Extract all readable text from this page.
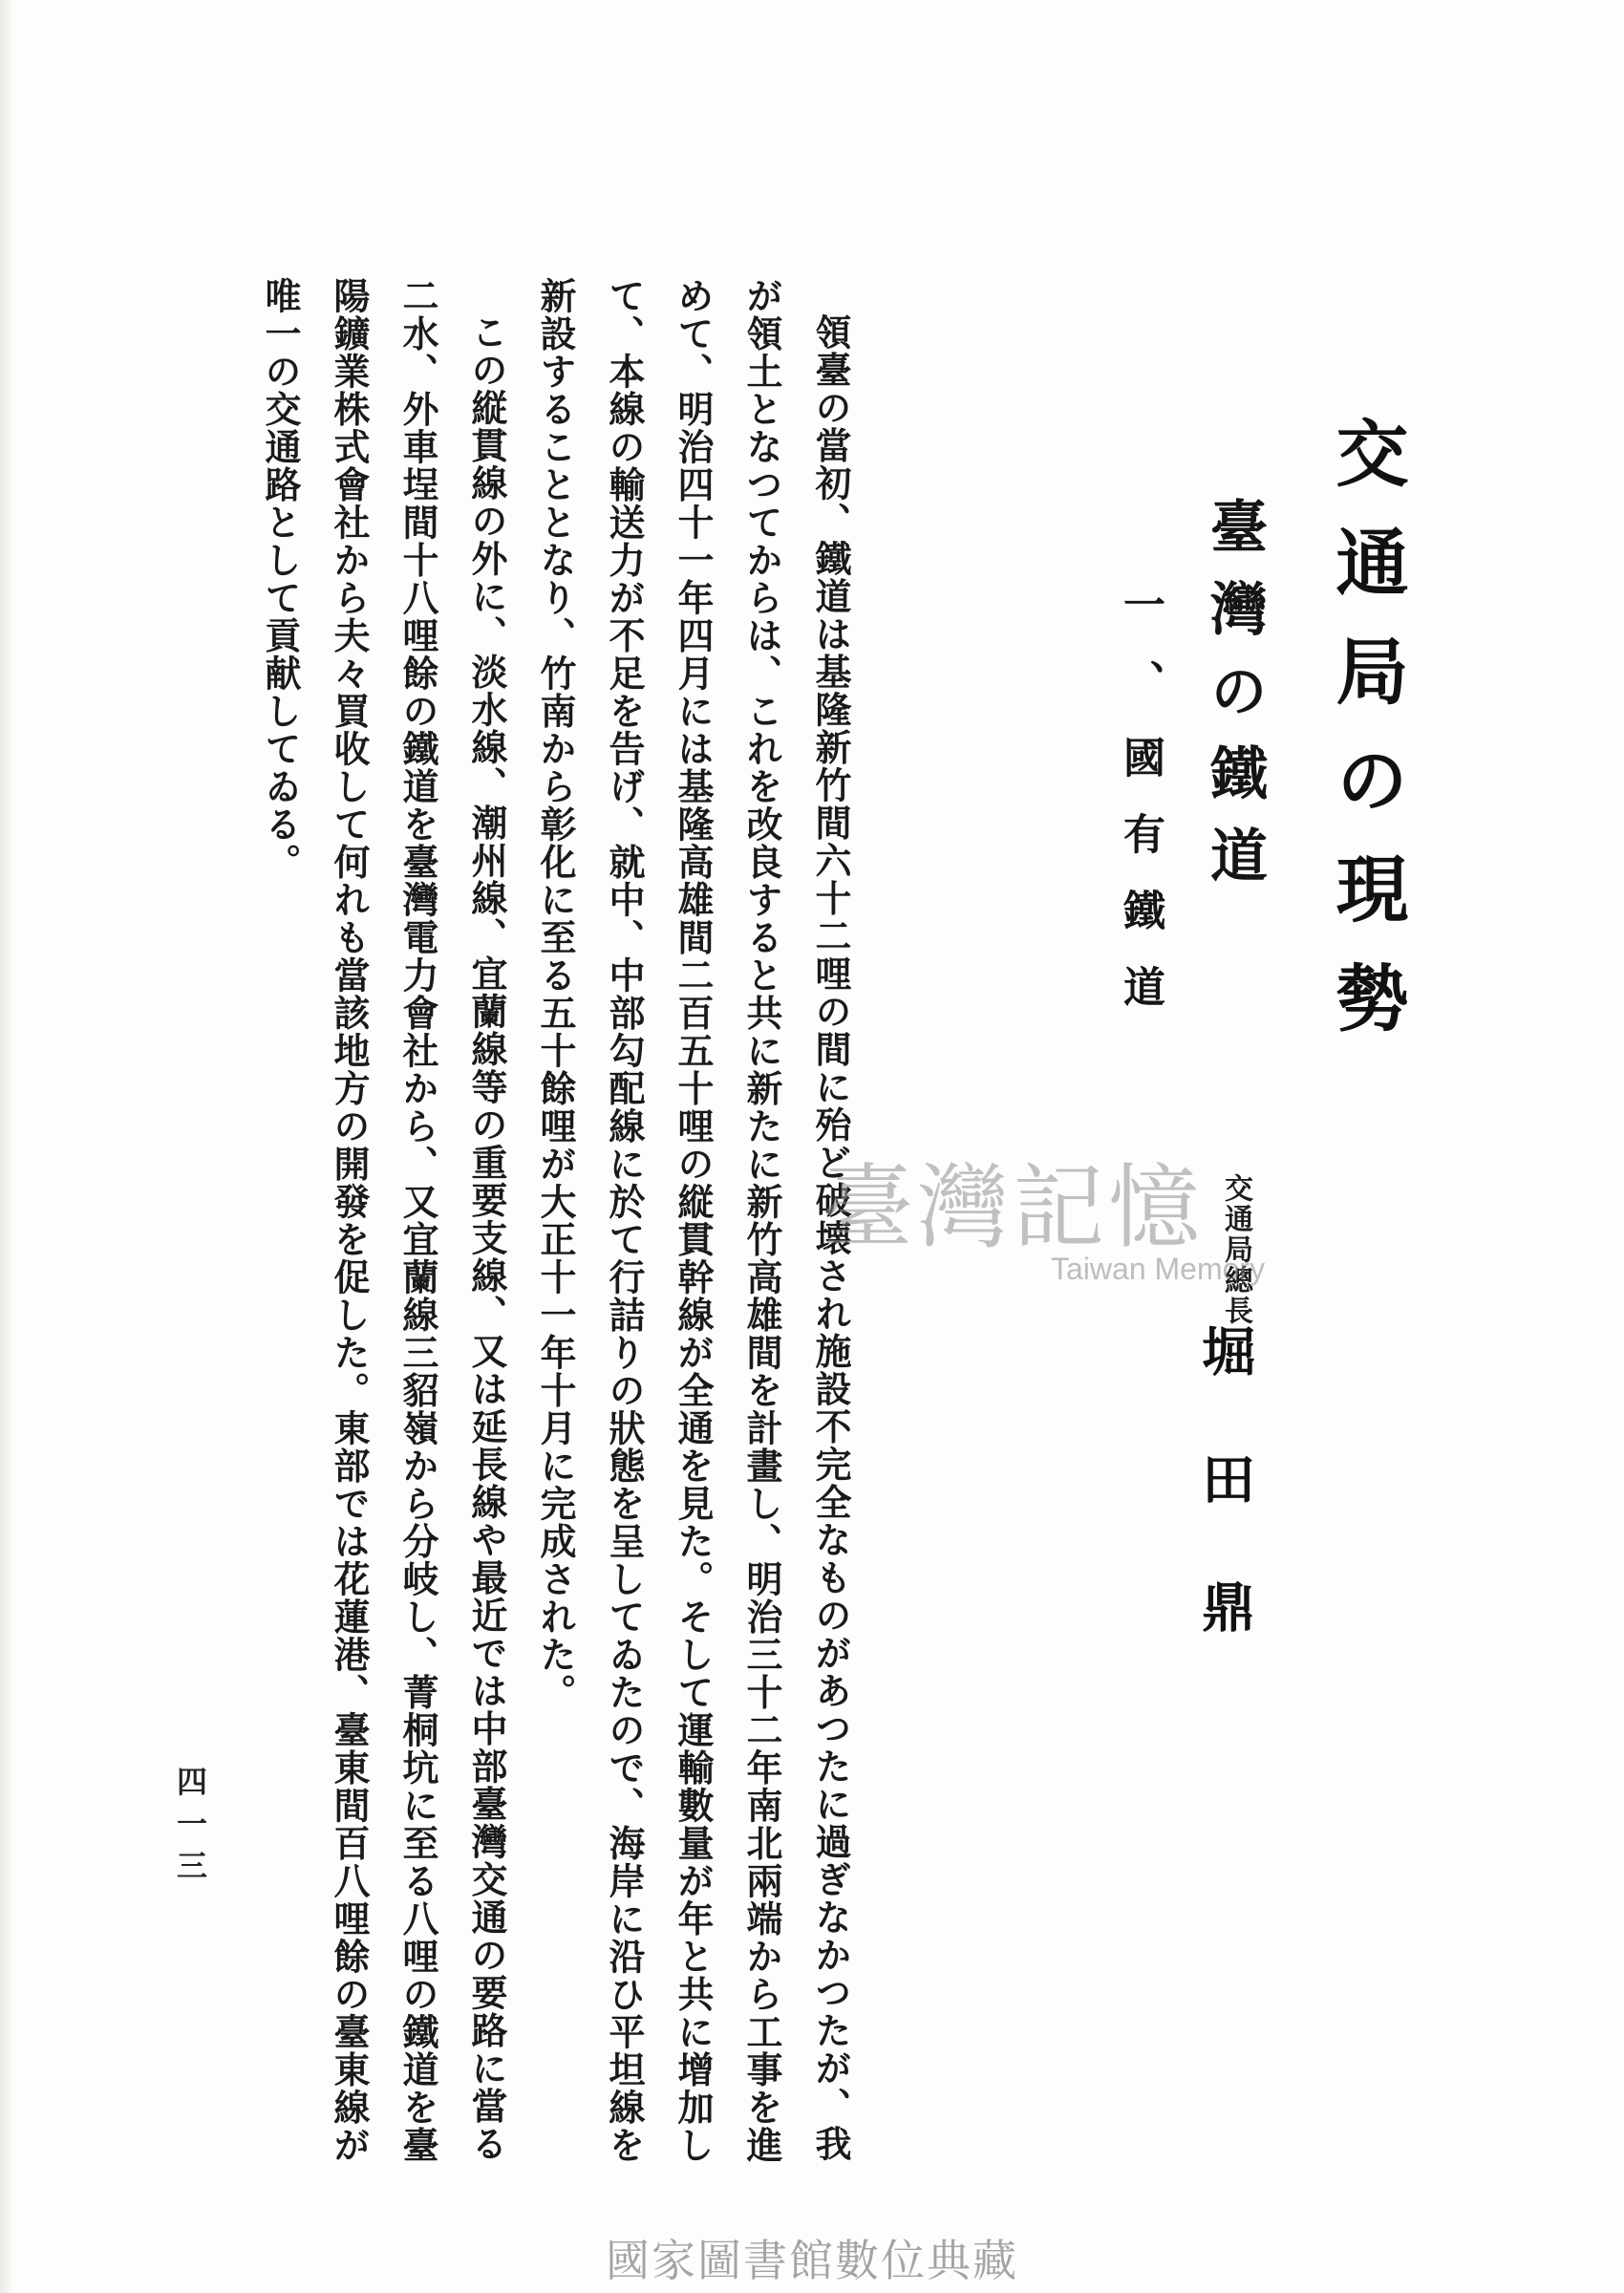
交通局の現勢
臺灣の鐵道
一、國有鐵道
交通局總長
堀田鼎
領臺の當初、鐵道は基隆新竹間六十二哩の間に殆ど破壊され施設不完全なものがあつたに過ぎなかつたが、我が領土となつてからは、これを改良すると共に新たに新竹高雄間を計畫し、明治三十二年南北兩端から工事を進めて、明治四十一年四月には基隆高雄間二百五十哩の縦貫幹線が全通を見た。そして運輸數量が年と共に增加して、本線の輸送力が不足を告げ、就中、中部勾配線に於て行詰りの狀態を呈してゐたので、海岸に沿ひ平坦線を新設することとなり、竹南から彰化に至る五十餘哩が大正十一年十月に完成された。
この縦貫線の外に、淡水線、潮州線、宜蘭線等の重要支線、又は延長線や最近では中部臺灣交通の要路に當る二水、外車埕間十八哩餘の鐵道を臺灣電力會社から、又宜蘭線三貂嶺から分岐し、菁桐坑に至る八哩の鐵道を臺陽鑛業株式會社から夫々買收して何れも當該地方の開發を促した。東部では花蓮港、臺東間百八哩餘の臺東線が唯一の交通路として貢献してゐる。
四一三
臺灣記憶
Taiwan Memory
國家圖書館數位典藏
